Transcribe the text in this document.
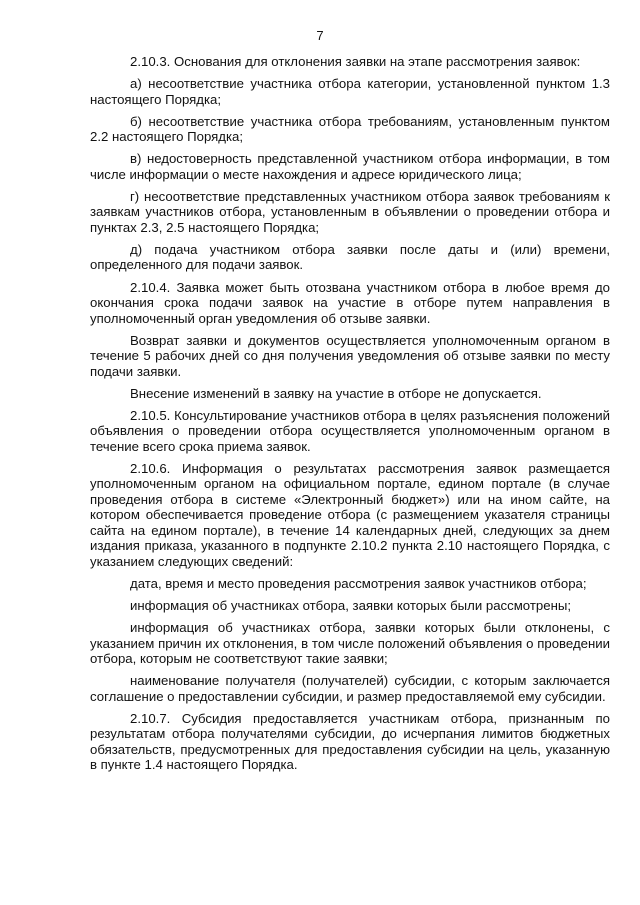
7

2.10.3. Основания для отклонения заявки на этапе рассмотрения заявок:

а) несоответствие участника отбора категории, установленной пунктом 1.3 настоящего Порядка;

б) несоответствие участника отбора требованиям, установленным пунктом 2.2 настоящего Порядка;

в) недостоверность представленной участником отбора информации, в том числе информации о месте нахождения и адресе юридического лица;

г) несоответствие представленных участником отбора заявок требованиям к заявкам участников отбора, установленным в объявлении о проведении отбора и пунктах 2.3, 2.5 настоящего Порядка;

д) подача участником отбора заявки после даты и (или) времени, определенного для подачи заявок.

2.10.4. Заявка может быть отозвана участником отбора в любое время до окончания срока подачи заявок на участие в отборе путем направления в уполномоченный орган уведомления об отзыве заявки.

Возврат заявки и документов осуществляется уполномоченным органом в течение 5 рабочих дней со дня получения уведомления об отзыве заявки по месту подачи заявки.

Внесение изменений в заявку на участие в отборе не допускается.

2.10.5. Консультирование участников отбора в целях разъяснения положений объявления о проведении отбора осуществляется уполномоченным органом в течение всего срока приема заявок.

2.10.6. Информация о результатах рассмотрения заявок размещается уполномоченным органом на официальном портале, едином портале (в случае проведения отбора в системе «Электронный бюджет») или на ином сайте, на котором обеспечивается проведение отбора (с размещением указателя страницы сайта на едином портале), в течение 14 календарных дней, следующих за днем издания приказа, указанного в подпункте 2.10.2 пункта 2.10 настоящего Порядка, с указанием следующих сведений:

дата, время и место проведения рассмотрения заявок участников отбора;

информация об участниках отбора, заявки которых были рассмотрены;

информация об участниках отбора, заявки которых были отклонены, с указанием причин их отклонения, в том числе положений объявления о проведении отбора, которым не соответствуют такие заявки;

наименование получателя (получателей) субсидии, с которым заключается соглашение о предоставлении субсидии, и размер предоставляемой ему субсидии.

2.10.7. Субсидия предоставляется участникам отбора, признанным по результатам отбора получателями субсидии, до исчерпания лимитов бюджетных обязательств, предусмотренных для предоставления субсидии на цель, указанную в пункте 1.4 настоящего Порядка.
